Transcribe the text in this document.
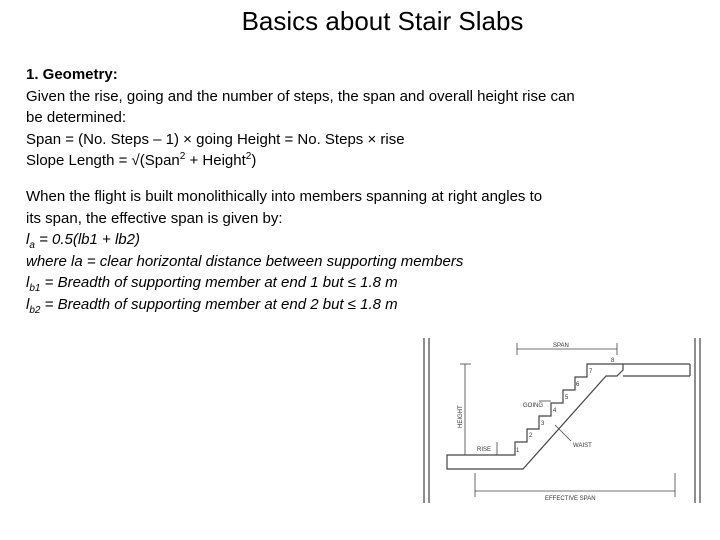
Basics about Stair Slabs
1. Geometry:
Given the rise, going and the number of steps, the span and overall height rise can
be determined:
Span = (No. Steps – 1) × going Height = No. Steps × rise
Slope Length = √(Span$^2$ + Height$^2$)
When the flight is built monolithically into members spanning at right angles to
its span, the effective span is given by:
$l_a = 0.5(lb1 + lb2)$
where la = clear horizontal distance between supporting members
$l_{b1}$ = Breadth of supporting member at end 1 but ≤ 1.8 m
$l_{b2}$ = Breadth of supporting member at end 2 but ≤ 1.8 m
SPAN
HEIGHT
RISE
GOING
WAIST
1
2
3
4
5
6
7
8
EFFECTIVE SPAN
